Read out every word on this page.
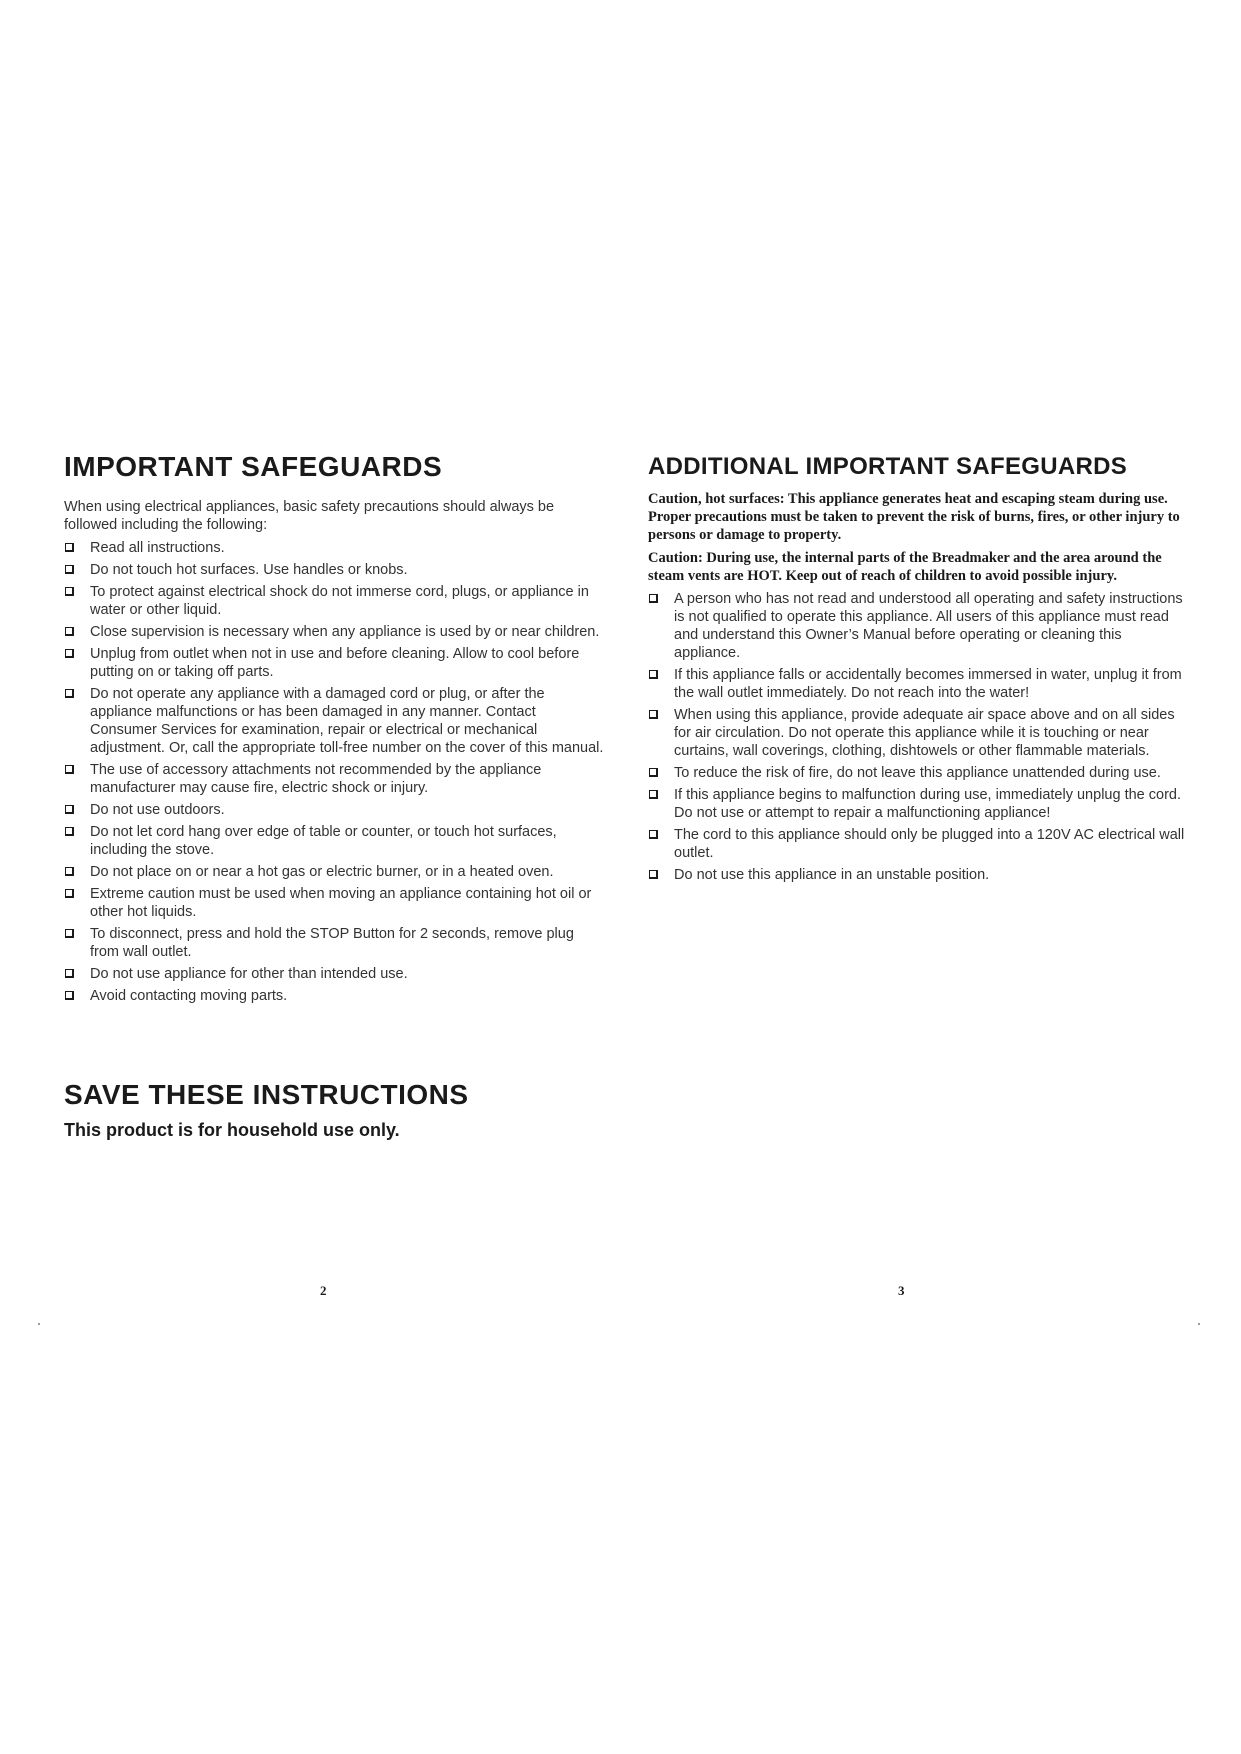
IMPORTANT SAFEGUARDS

When using electrical appliances, basic safety precautions should always be followed including the following:

Read all instructions.
Do not touch hot surfaces. Use handles or knobs.
To protect against electrical shock do not immerse cord, plugs, or appliance in water or other liquid.
Close supervision is necessary when any appliance is used by or near children.
Unplug from outlet when not in use and before cleaning. Allow to cool before putting on or taking off parts.
Do not operate any appliance with a damaged cord or plug, or after the appliance malfunctions or has been damaged in any manner. Contact Consumer Services for examination, repair or electrical or mechanical adjustment. Or, call the appropriate toll-free number on the cover of this manual.
The use of accessory attachments not recommended by the appliance manufacturer may cause fire, electric shock or injury.
Do not use outdoors.
Do not let cord hang over edge of table or counter, or touch hot surfaces, including the stove.
Do not place on or near a hot gas or electric burner, or in a heated oven.
Extreme caution must be used when moving an appliance containing hot oil or other hot liquids.
To disconnect, press and hold the STOP Button for 2 seconds, remove plug from wall outlet.
Do not use appliance for other than intended use.
Avoid contacting moving parts.
SAVE THESE INSTRUCTIONS

This product is for household use only.

ADDITIONAL IMPORTANT SAFEGUARDS

Caution, hot surfaces: This appliance generates heat and escaping steam during use. Proper precautions must be taken to prevent the risk of burns, fires, or other injury to persons or damage to property.

Caution: During use, the internal parts of the Breadmaker and the area around the steam vents are HOT. Keep out of reach of children to avoid possible injury.

A person who has not read and understood all operating and safety instructions is not qualified to operate this appliance. All users of this appliance must read and understand this Owner’s Manual before operating or cleaning this appliance.
If this appliance falls or accidentally becomes immersed in water, unplug it from the wall outlet immediately. Do not reach into the water!
When using this appliance, provide adequate air space above and on all sides for air circulation. Do not operate this appliance while it is touching or near curtains, wall coverings, clothing, dishtowels or other flammable materials.
To reduce the risk of fire, do not leave this appliance unattended during use.
If this appliance begins to malfunction during use, immediately unplug the cord. Do not use or attempt to repair a malfunctioning appliance!
The cord to this appliance should only be plugged into a 120V AC electrical wall outlet.
Do not use this appliance in an unstable position.
2	3
